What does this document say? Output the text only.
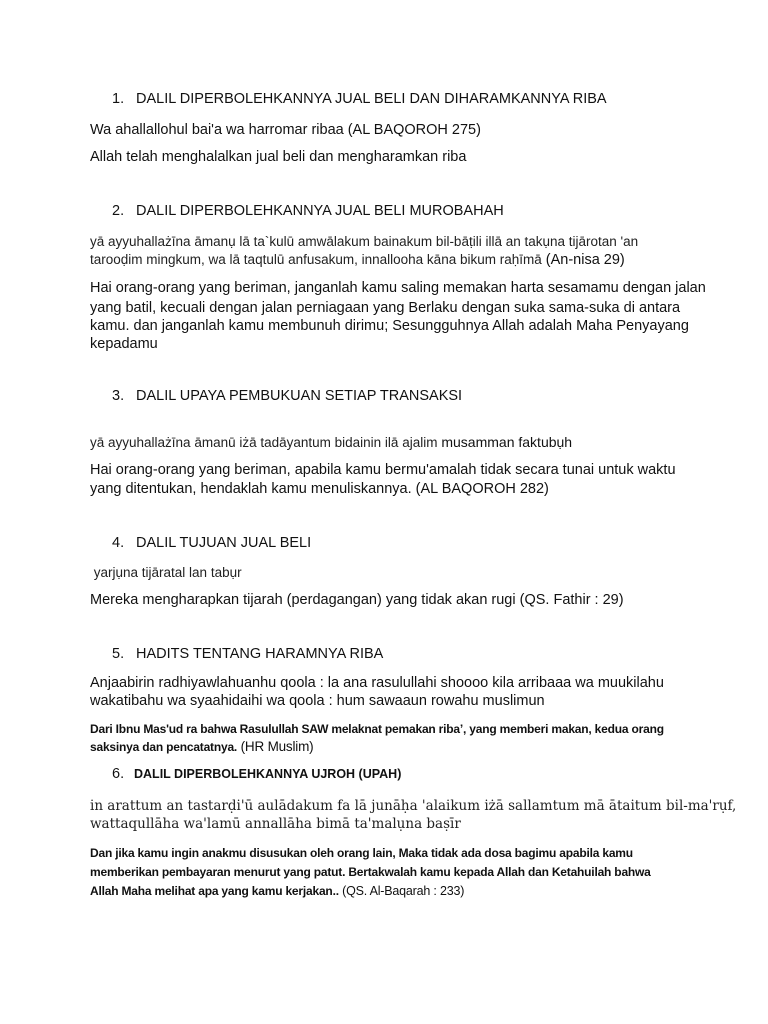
1. DALIL DIPERBOLEHKANNYA JUAL BELI DAN DIHARAMKANNYA RIBA
Wa ahallallohul bai'a wa harromar ribaa (AL BAQOROH 275)
Allah telah menghalalkan jual beli dan mengharamkan riba
2. DALIL DIPERBOLEHKANNYA JUAL BELI MUROBAHAH
yā ayyuhallażīna āmanụ lā ta`kulū amwālakum bainakum bil-bāṭili illā an takụna tijārotan 'an
tarooḍim mingkum, wa lā taqtulū anfusakum, innallooha kāna bikum raḥīmā (An-nisa 29)
Hai orang-orang yang beriman, janganlah kamu saling memakan harta sesamamu dengan jalan
yang batil, kecuali dengan jalan perniagaan yang Berlaku dengan suka sama-suka di antara
kamu. dan janganlah kamu membunuh dirimu; Sesungguhnya Allah adalah Maha Penyayang
kepadamu
3. DALIL UPAYA PEMBUKUAN SETIAP TRANSAKSI
yā ayyuhallażīna āmanū iżā tadāyantum bidainin ilā ajalim musamman faktubụh
Hai orang-orang yang beriman, apabila kamu bermu'amalah tidak secara tunai untuk waktu
yang ditentukan, hendaklah kamu menuliskannya. (AL BAQOROH 282)
4. DALIL TUJUAN JUAL BELI
yarjụna tijāratal lan tabụr
Mereka mengharapkan tijarah (perdagangan) yang tidak akan rugi (QS. Fathir : 29)
5. HADITS TENTANG HARAMNYA RIBA
Anjaabirin radhiyawlahuanhu qoola : la ana rasulullahi shoooo kila arribaaa wa muukilahu
wakatibahu wa syaahidaihi wa qoola : hum sawaaun rowahu muslimun
Dari Ibnu Mas'ud ra bahwa Rasulullah SAW melaknat pemakan riba’, yang memberi makan, kedua orang
saksinya dan pencatatnya. (HR Muslim)
6. DALIL DIPERBOLEHKANNYA UJROH (UPAH)
in arattum an tastarḍi'ū aulādakum fa lā junāḥa 'alaikum iżā sallamtum mā ātaitum bil-ma'rụf,
wattaqullāha wa'lamū annallāha bimā ta'malụna baṣīr
Dan jika kamu ingin anakmu disusukan oleh orang lain, Maka tidak ada dosa bagimu apabila kamu
memberikan pembayaran menurut yang patut. Bertakwalah kamu kepada Allah dan Ketahuilah bahwa
Allah Maha melihat apa yang kamu kerjakan.. (QS. Al-Baqarah : 233)
